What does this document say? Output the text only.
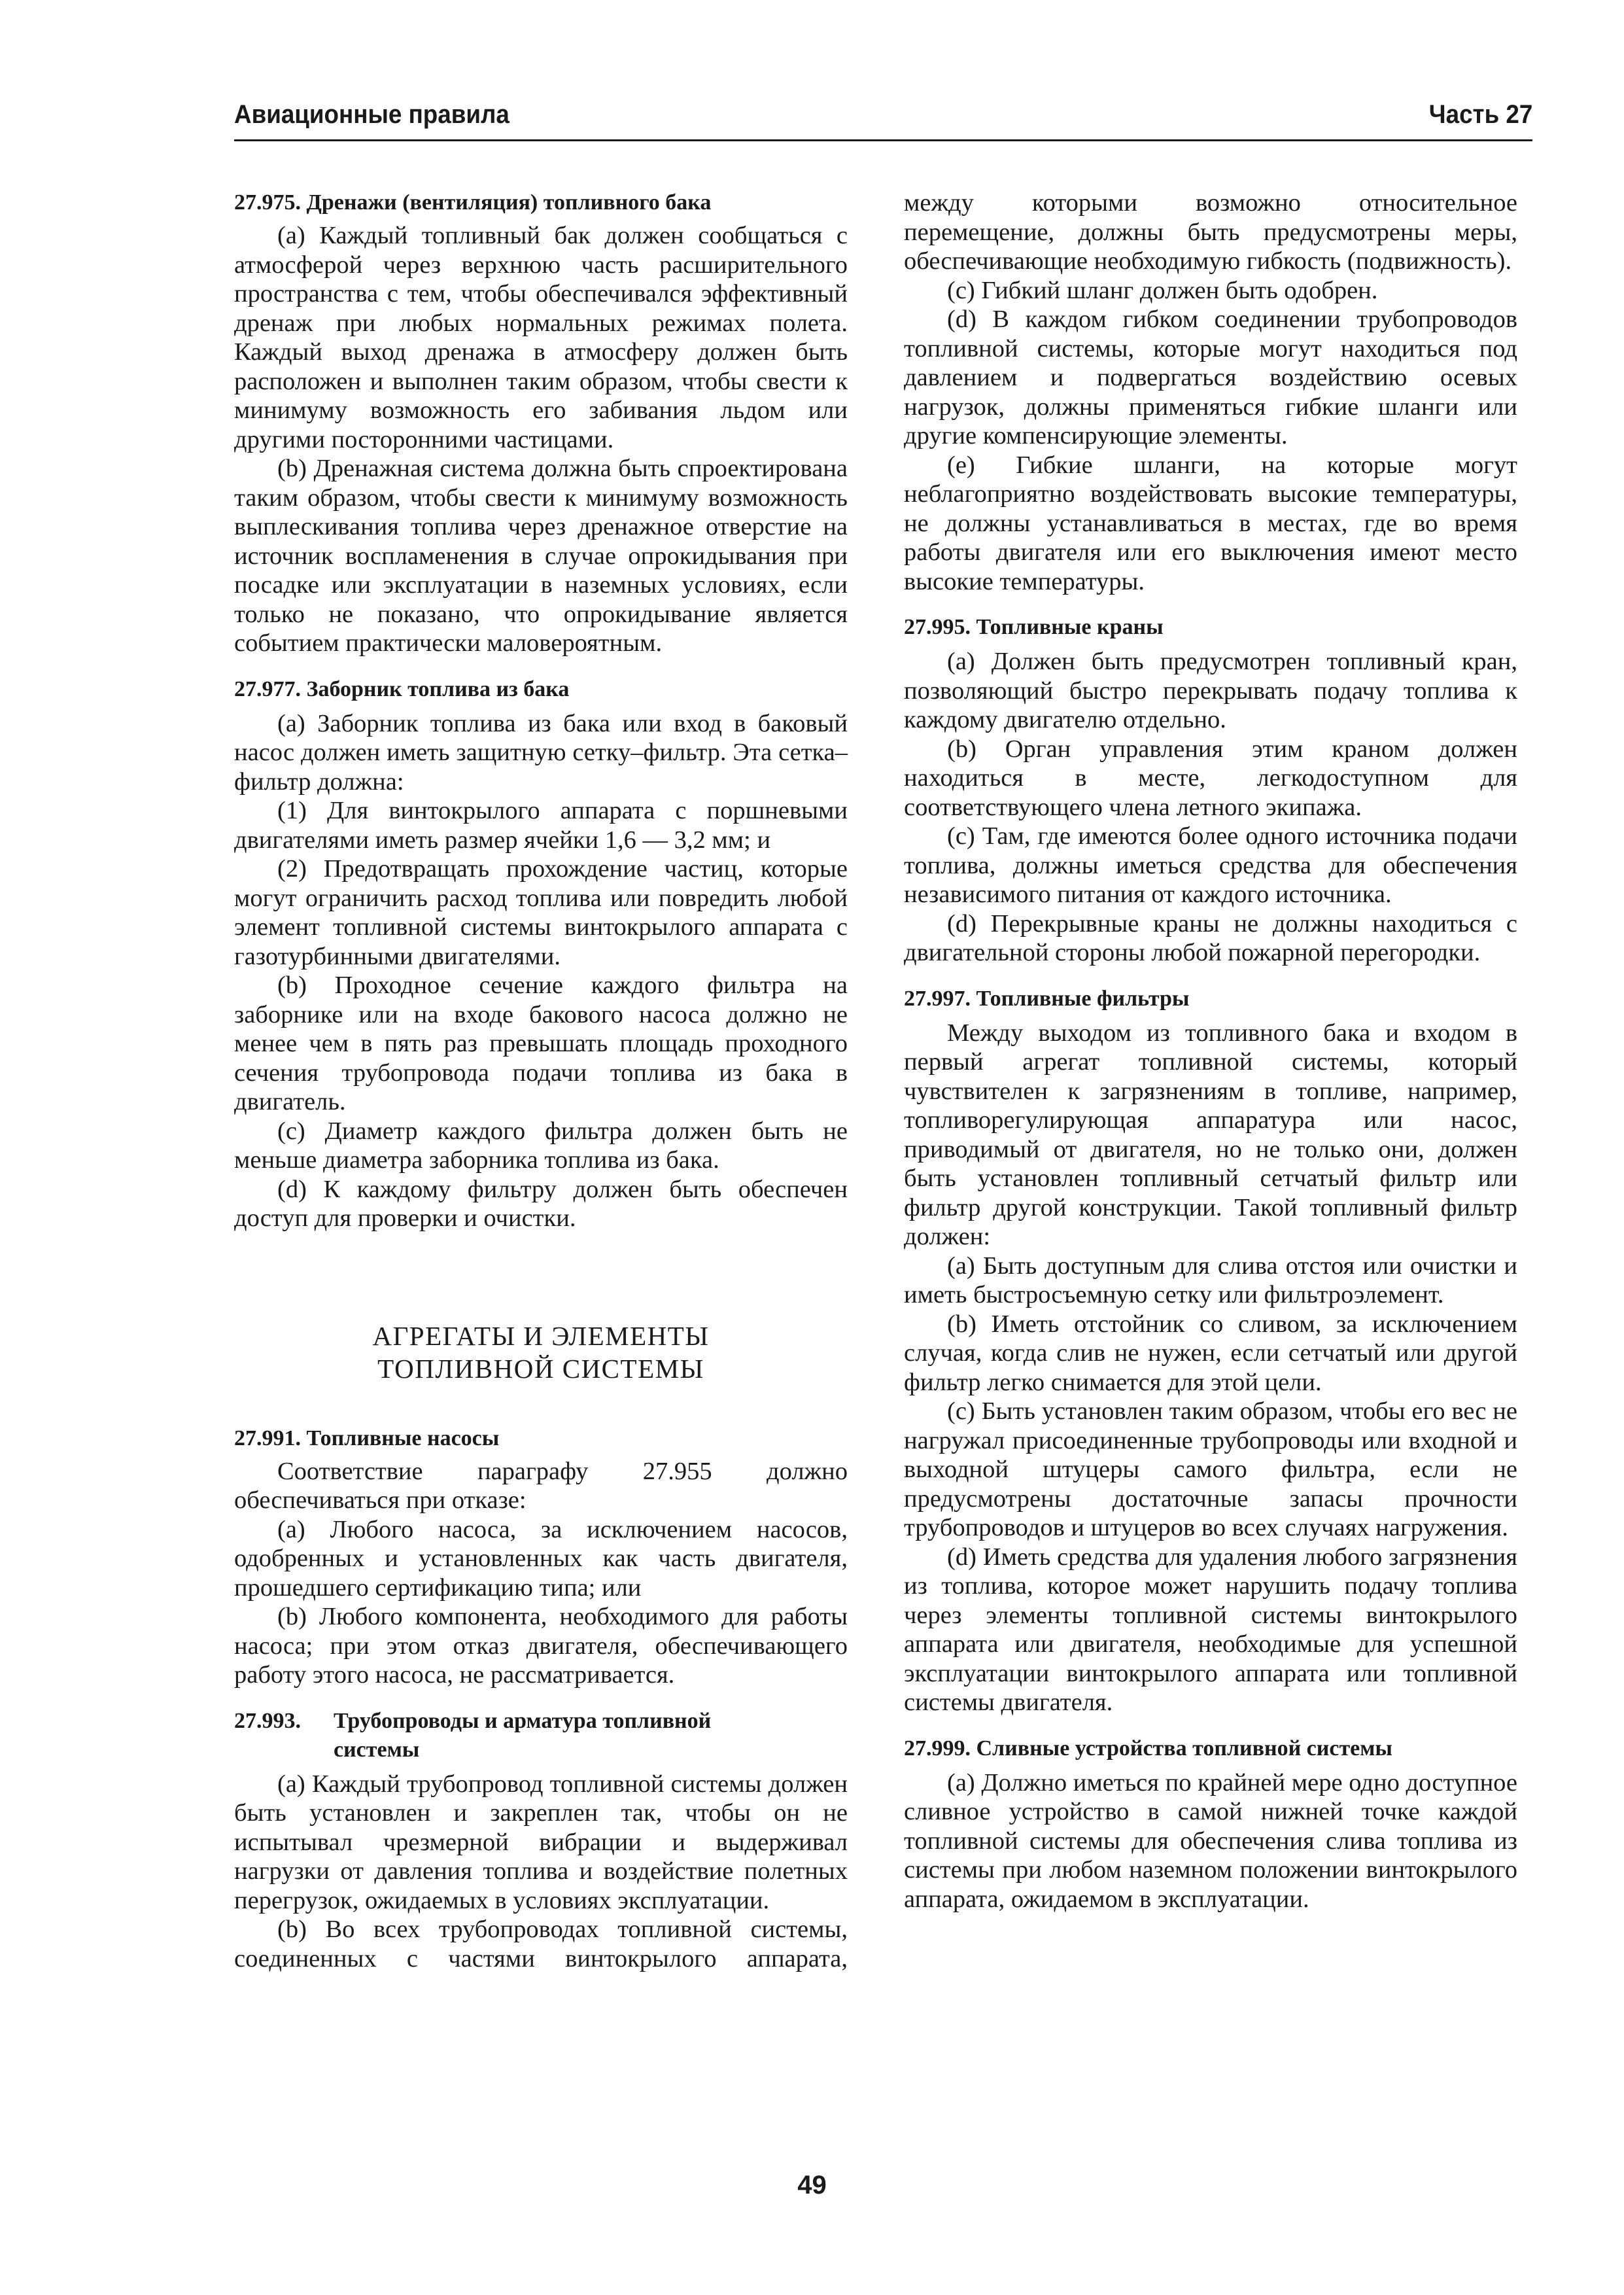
Авиационные правила	Часть 27

27.975. Дренажи (вентиляция) топливного бака

(a) Каждый топливный бак должен сообщаться с атмосферой через верхнюю часть расширительного пространства с тем, чтобы обеспечивался эффективный дренаж при любых нормальных режимах полета. Каждый выход дренажа в атмосферу должен быть расположен и выполнен таким образом, чтобы свести к минимуму возможность его забивания льдом или другими посторонними частицами.

(b) Дренажная система должна быть спроектирована таким образом, чтобы свести к минимуму возможность выплескивания топлива через дренажное отверстие на источник воспламенения в случае опрокидывания при посадке или эксплуатации в наземных условиях, если только не показано, что опрокидывание является событием практически маловероятным.

27.977. Заборник топлива из бака

(a) Заборник топлива из бака или вход в баковый насос должен иметь защитную сетку–фильтр. Эта сетка–фильтр должна:

(1) Для винтокрылого аппарата с поршневыми двигателями иметь размер ячейки 1,6 — 3,2 мм; и

(2) Предотвращать прохождение частиц, которые могут ограничить расход топлива или повредить любой элемент топливной системы винтокрылого аппарата с газотурбинными двигателями.

(b) Проходное сечение каждого фильтра на заборнике или на входе бакового насоса должно не менее чем в пять раз превышать площадь проходного сечения трубопровода подачи топлива из бака в двигатель.

(c) Диаметр каждого фильтра должен быть не меньше диаметра заборника топлива из бака.

(d) К каждому фильтру должен быть обеспечен доступ для проверки и очистки.

АГРЕГАТЫ И ЭЛЕМЕНТЫ
ТОПЛИВНОЙ СИСТЕМЫ

27.991. Топливные насосы

Соответствие параграфу 27.955 должно обеспечиваться при отказе:

(a) Любого насоса, за исключением насосов, одобренных и установленных как часть двигателя, прошедшего сертификацию типа; или

(b) Любого компонента, необходимого для работы насоса; при этом отказ двигателя, обеспечивающего работу этого насоса, не рассматривается.

27.993.	Трубопроводы и арматура топливной системы

(a) Каждый трубопровод топливной системы должен быть установлен и закреплен так, чтобы он не испытывал чрезмерной вибрации и выдерживал нагрузки от давления топлива и воздействие полетных перегрузок, ожидаемых в условиях эксплуатации.

(b) Во всех трубопроводах топливной системы, соединенных с частями винтокрылого аппарата,

между которыми возможно относительное перемещение, должны быть предусмотрены меры, обеспечивающие необходимую гибкость (подвижность).

(c) Гибкий шланг должен быть одобрен.

(d) В каждом гибком соединении трубопроводов топливной системы, которые могут находиться под давлением и подвергаться воздействию осевых нагрузок, должны применяться гибкие шланги или другие компенсирующие элементы.

(e) Гибкие шланги, на которые могут неблагоприятно воздействовать высокие температуры, не должны устанавливаться в местах, где во время работы двигателя или его выключения имеют место высокие температуры.

27.995. Топливные краны

(a) Должен быть предусмотрен топливный кран, позволяющий быстро перекрывать подачу топлива к каждому двигателю отдельно.

(b) Орган управления этим краном должен находиться в месте, легкодоступном для соответствующего члена летного экипажа.

(c) Там, где имеются более одного источника подачи топлива, должны иметься средства для обеспечения независимого питания от каждого источника.

(d) Перекрывные краны не должны находиться с двигательной стороны любой пожарной перегородки.

27.997. Топливные фильтры

Между выходом из топливного бака и входом в первый агрегат топливной системы, который чувствителен к загрязнениям в топливе, например, топливорегулирующая аппаратура или насос, приводимый от двигателя, но не только они, должен быть установлен топливный сетчатый фильтр или фильтр другой конструкции. Такой топливный фильтр должен:

(a) Быть доступным для слива отстоя или очистки и иметь быстросъемную сетку или фильтроэлемент.

(b) Иметь отстойник со сливом, за исключением случая, когда слив не нужен, если сетчатый или другой фильтр легко снимается для этой цели.

(c) Быть установлен таким образом, чтобы его вес не нагружал присоединенные трубопроводы или входной и выходной штуцеры самого фильтра, если не предусмотрены достаточные запасы прочности трубопроводов и штуцеров во всех случаях нагружения.

(d) Иметь средства для удаления любого загрязнения из топлива, которое может нарушить подачу топлива через элементы топливной системы винтокрылого аппарата или двигателя, необходимые для успешной эксплуатации винтокрылого аппарата или топливной системы двигателя.

27.999. Сливные устройства топливной системы

(a) Должно иметься по крайней мере одно доступное сливное устройство в самой нижней точке каждой топливной системы для обеспечения слива топлива из системы при любом наземном положении винтокрылого аппарата, ожидаемом в эксплуатации.

49
